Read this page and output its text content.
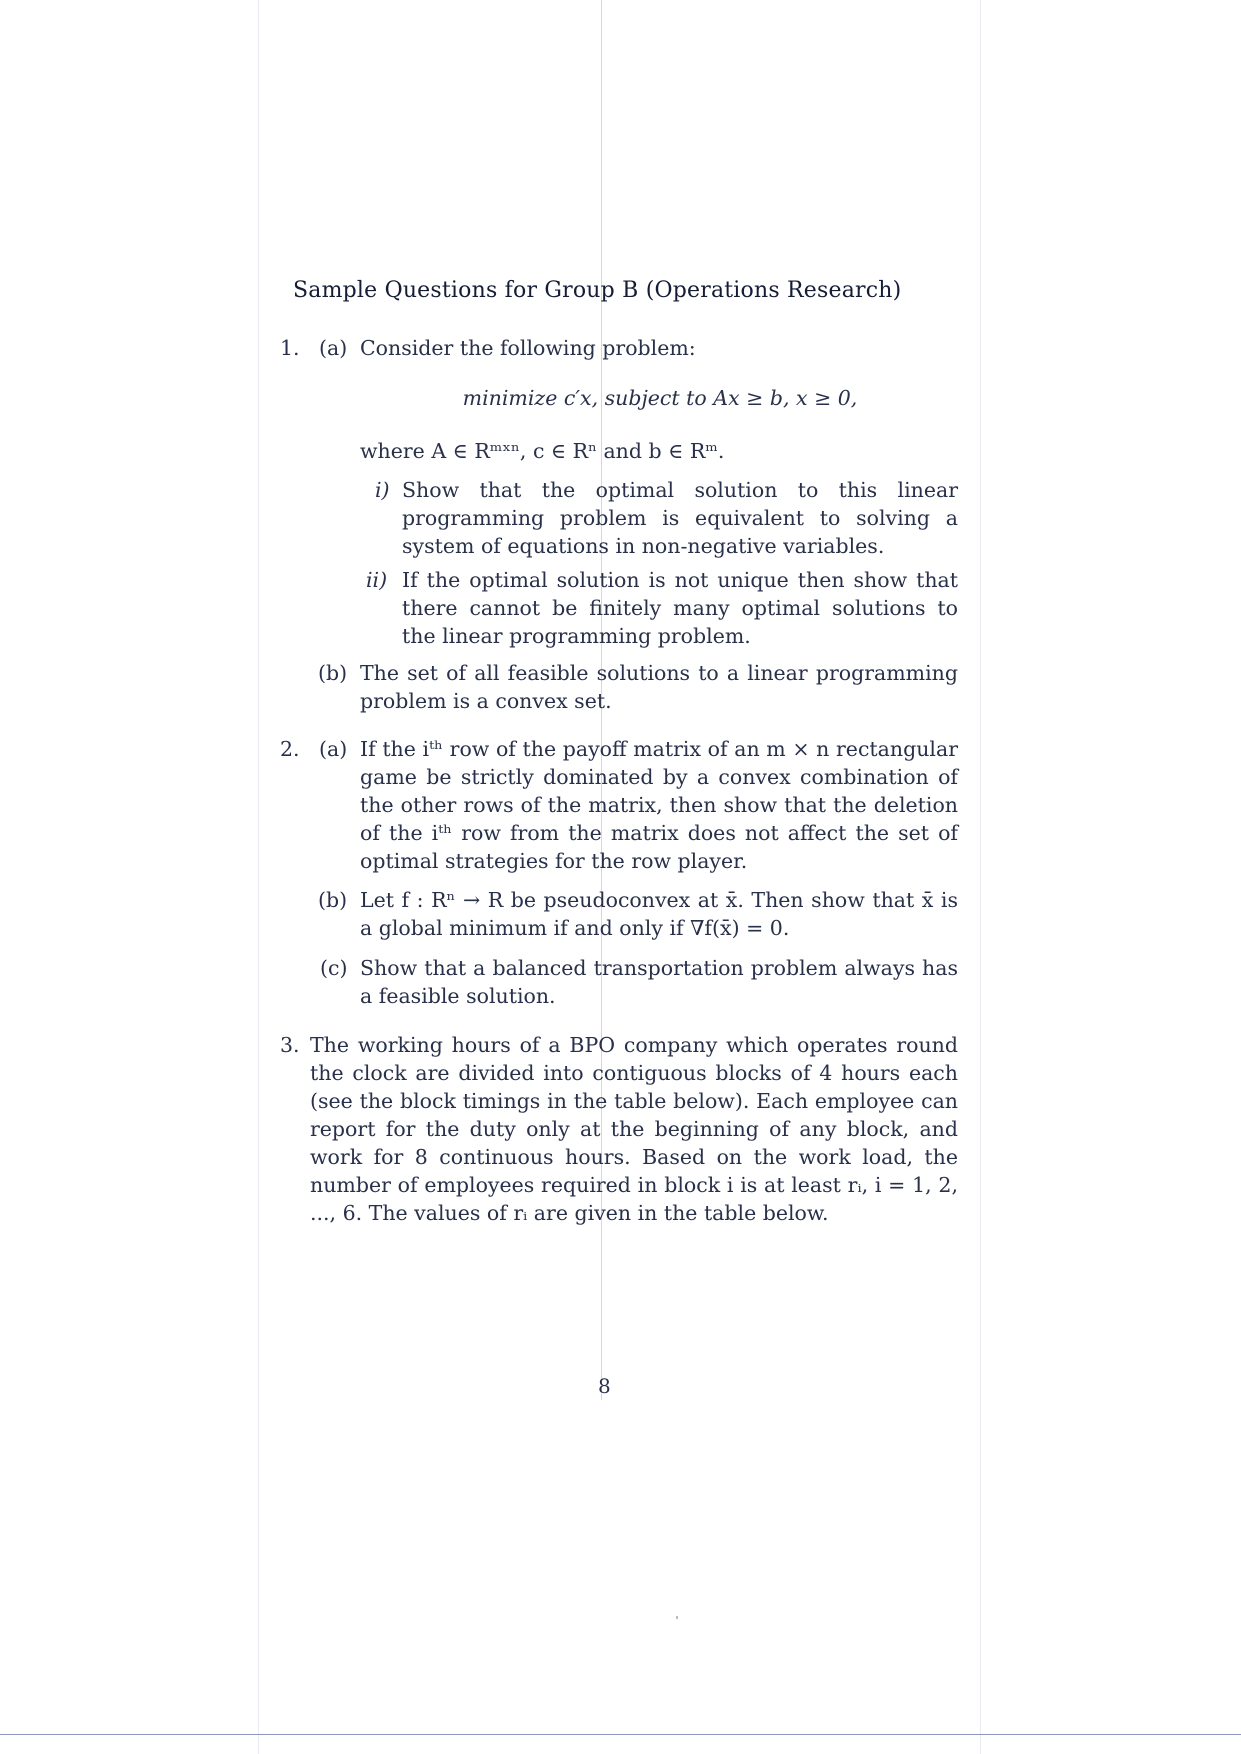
Sample Questions for Group B (Operations Research)
1. (a) Consider the following problem:
minimize c′x, subject to Ax ≥ b, x ≥ 0,
where A ∈ Rᵐˣⁿ, c ∈ Rⁿ and b ∈ Rᵐ.
i) Show that the optimal solution to this linear programming problem is equivalent to solving a system of equations in non-negative variables.
ii) If the optimal solution is not unique then show that there cannot be finitely many optimal solutions to the linear programming problem.
(b) The set of all feasible solutions to a linear programming problem is a convex set.
2. (a) If the iᵗʰ row of the payoff matrix of an m × n rectangular game be strictly dominated by a convex combination of the other rows of the matrix, then show that the deletion of the iᵗʰ row from the matrix does not affect the set of optimal strategies for the row player.
(b) Let f : Rⁿ → R be pseudoconvex at x̄. Then show that x̄ is a global minimum if and only if ∇f(x̄) = 0.
(c) Show that a balanced transportation problem always has a feasible solution.
3. The working hours of a BPO company which operates round the clock are divided into contiguous blocks of 4 hours each (see the block timings in the table below). Each employee can report for the duty only at the beginning of any block, and work for 8 continuous hours. Based on the work load, the number of employees required in block i is at least rᵢ, i = 1, 2, ..., 6. The values of rᵢ are given in the table below.
8
